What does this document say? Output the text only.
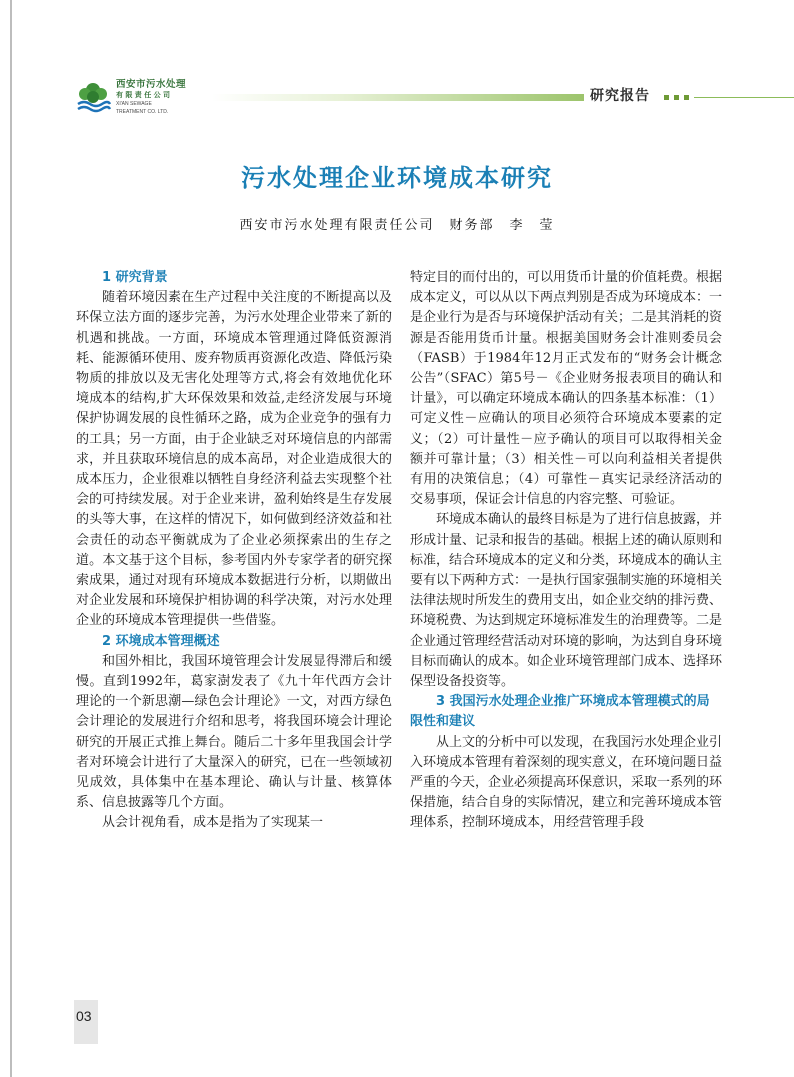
西安市污水处理
有限责任公司
XI'AN SEWAGE
TREATMENT CO. LTD.
研究报告
污水处理企业环境成本研究
西安市污水处理有限责任公司　财务部　李　莹
1 研究背景

随着环境因素在生产过程中关注度的不断提高以及环保立法方面的逐步完善，为污水处理企业带来了新的机遇和挑战。一方面，环境成本管理通过降低资源消耗、能源循环使用、废弃物质再资源化改造、降低污染物质的排放以及无害化处理等方式,将会有效地优化环境成本的结构,扩大环保效果和效益,走经济发展与环境保护协调发展的良性循环之路，成为企业竞争的强有力的工具；另一方面，由于企业缺乏对环境信息的内部需求，并且获取环境信息的成本高昂，对企业造成很大的成本压力，企业很难以牺牲自身经济利益去实现整个社会的可持续发展。对于企业来讲，盈利始终是生存发展的头等大事，在这样的情况下，如何做到经济效益和社会责任的动态平衡就成为了企业必须探索出的生存之道。本文基于这个目标，参考国内外专家学者的研究探索成果，通过对现有环境成本数据进行分析，以期做出对企业发展和环境保护相协调的科学决策，对污水处理企业的环境成本管理提供一些借鉴。

2 环境成本管理概述

和国外相比，我国环境管理会计发展显得滞后和缓慢。直到1992年，葛家澍发表了《九十年代西方会计理论的一个新思潮—绿色会计理论》一文，对西方绿色会计理论的发展进行介绍和思考，将我国环境会计理论研究的开展正式推上舞台。随后二十多年里我国会计学者对环境会计进行了大量深入的研究，已在一些领域初见成效，具体集中在基本理论、确认与计量、核算体系、信息披露等几个方面。

从会计视角看，成本是指为了实现某一

特定目的而付出的，可以用货币计量的价值耗费。根据成本定义，可以从以下两点判别是否成为环境成本：一是企业行为是否与环境保护活动有关；二是其消耗的资源是否能用货币计量。根据美国财务会计准则委员会（FASB）于1984年12月正式发布的“财务会计概念公告”（SFAC）第5号－《企业财务报表项目的确认和计量》，可以确定环境成本确认的四条基本标准：（1）可定义性－应确认的项目必须符合环境成本要素的定义；（2）可计量性－应予确认的项目可以取得相关金额并可靠计量；（3）相关性－可以向利益相关者提供有用的决策信息；（4）可靠性－真实记录经济活动的交易事项，保证会计信息的内容完整、可验证。

环境成本确认的最终目标是为了进行信息披露，并形成计量、记录和报告的基础。根据上述的确认原则和标准，结合环境成本的定义和分类，环境成本的确认主要有以下两种方式：一是执行国家强制实施的环境相关法律法规时所发生的费用支出，如企业交纳的排污费、环境税费、为达到规定环境标准发生的治理费等。二是企业通过管理经营活动对环境的影响，为达到自身环境目标而确认的成本。如企业环境管理部门成本、选择环保型设备投资等。

3 我国污水处理企业推广环境成本管理模式的局限性和建议

从上文的分析中可以发现，在我国污水处理企业引入环境成本管理有着深刻的现实意义，在环境问题日益严重的今天，企业必须提高环保意识，采取一系列的环保措施，结合自身的实际情况，建立和完善环境成本管理体系，控制环境成本，用经营管理手段

03
